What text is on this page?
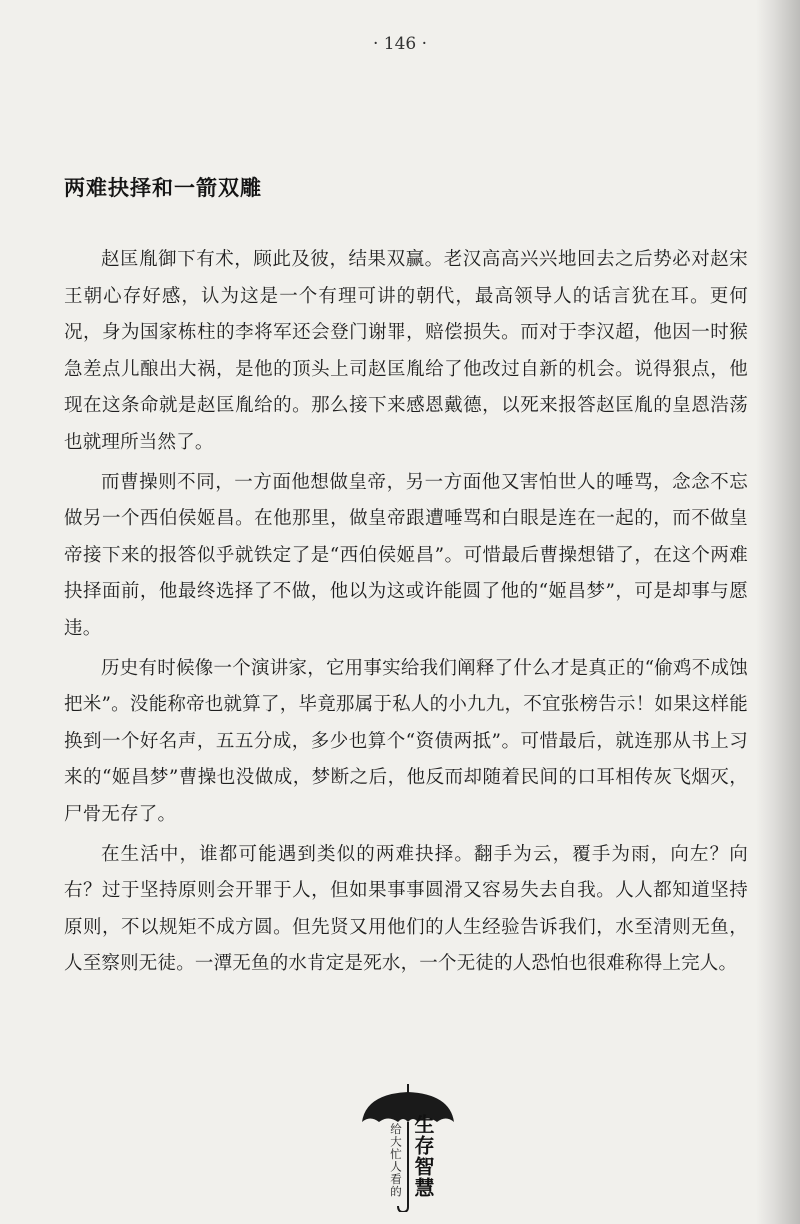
· 146 ·
两难抉择和一箭双雕

赵匡胤御下有术，顾此及彼，结果双赢。老汉高高兴兴地回去之后势必对赵宋王朝心存好感，认为这是一个有理可讲的朝代，最高领导人的话言犹在耳。更何况，身为国家栋柱的李将军还会登门谢罪，赔偿损失。而对于李汉超，他因一时猴急差点儿酿出大祸，是他的顶头上司赵匡胤给了他改过自新的机会。说得狠点，他现在这条命就是赵匡胤给的。那么接下来感恩戴德，以死来报答赵匡胤的皇恩浩荡也就理所当然了。

而曹操则不同，一方面他想做皇帝，另一方面他又害怕世人的唾骂，念念不忘做另一个西伯侯姬昌。在他那里，做皇帝跟遭唾骂和白眼是连在一起的，而不做皇帝接下来的报答似乎就铁定了是“西伯侯姬昌”。可惜最后曹操想错了，在这个两难抉择面前，他最终选择了不做，他以为这或许能圆了他的“姬昌梦”，可是却事与愿违。

历史有时候像一个演讲家，它用事实给我们阐释了什么才是真正的“偷鸡不成蚀把米”。没能称帝也就算了，毕竟那属于私人的小九九，不宜张榜告示！如果这样能换到一个好名声，五五分成，多少也算个“资债两抵”。可惜最后，就连那从书上习来的“姬昌梦”曹操也没做成，梦断之后，他反而却随着民间的口耳相传灰飞烟灭，尸骨无存了。

在生活中，谁都可能遇到类似的两难抉择。翻手为云，覆手为雨，向左？向右？过于坚持原则会开罪于人，但如果事事圆滑又容易失去自我。人人都知道坚持原则，不以规矩不成方圆。但先贤又用他们的人生经验告诉我们，水至清则无鱼，人至察则无徒。一潭无鱼的水肯定是死水，一个无徒的人恐怕也很难称得上完人。

给大忙人看的 生存智慧
